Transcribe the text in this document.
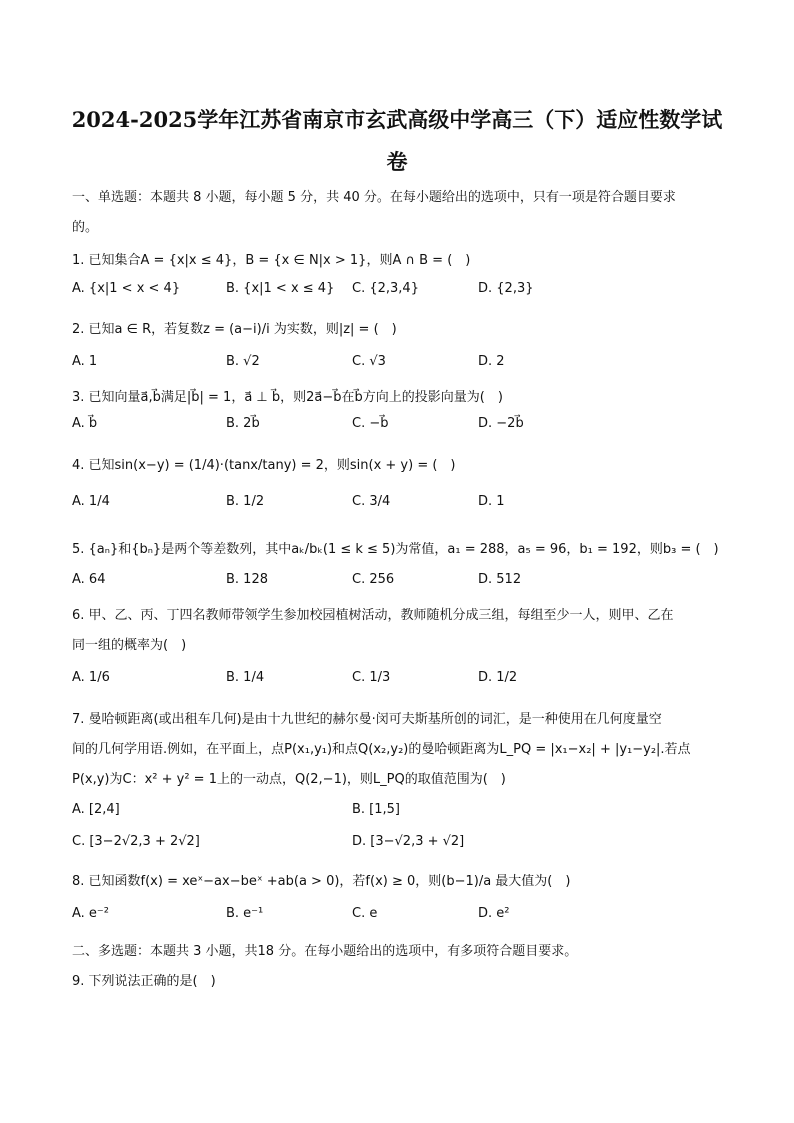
2024-2025学年江苏省南京市玄武高级中学高三（下）适应性数学试
卷
一、单选题：本题共 8 小题，每小题 5 分，共 40 分。在每小题给出的选项中，只有一项是符合题目要求
的。
1. 已知集合A = {x|x ≤ 4}，B = {x ∈ N|x > 1}，则A ∩ B = (　)
A. {x|1 < x < 4}	B. {x|1 < x ≤ 4} C. {2,3,4}	D. {2,3}
2. 已知a ∈ R，若复数z = (a−i)/i 为实数，则|z| = (　)
A. 1	B. √2	C. √3	D. 2
3. 已知向量a⃗,b⃗满足|b⃗| = 1，a⃗ ⊥ b⃗，则2a⃗−b⃗在b⃗方向上的投影向量为(　)
A. b⃗	B. 2b⃗	C. −b⃗	D. −2b⃗
4. 已知sin(x−y) = (1/4)·(tanx/tany) = 2，则sin(x + y) = (　)
A. 1/4	B. 1/2	C. 3/4	D. 1
5. {aₙ}和{bₙ}是两个等差数列，其中aₖ/bₖ(1 ≤ k ≤ 5)为常值，a₁ = 288，a₅ = 96，b₁ = 192，则b₃ = (　)
A. 64	B. 128	C. 256	D. 512
6. 甲、乙、丙、丁四名教师带领学生参加校园植树活动，教师随机分成三组，每组至少一人，则甲、乙在
同一组的概率为(　)
A. 1/6	B. 1/4	C. 1/3	D. 1/2
7. 曼哈顿距离(或出租车几何)是由十九世纪的赫尔曼·闵可夫斯基所创的词汇，是一种使用在几何度量空
间的几何学用语.例如，在平面上，点P(x₁,y₁)和点Q(x₂,y₂)的曼哈顿距离为L_PQ = |x₁−x₂| + |y₁−y₂|.若点
P(x,y)为C：x² + y² = 1上的一动点，Q(2,−1)，则L_PQ的取值范围为(　)
A. [2,4]	B. [1,5]
C. [3−2√2,3 + 2√2]	D. [3−√2,3 + √2]
8. 已知函数f(x) = xeˣ−ax−beˣ +ab(a > 0)，若f(x) ≥ 0，则(b−1)/a 最大值为(　)
A. e⁻²	B. e⁻¹	C. e	D. e²
二、多选题：本题共 3 小题，共18 分。在每小题给出的选项中，有多项符合题目要求。
9. 下列说法正确的是(　)
